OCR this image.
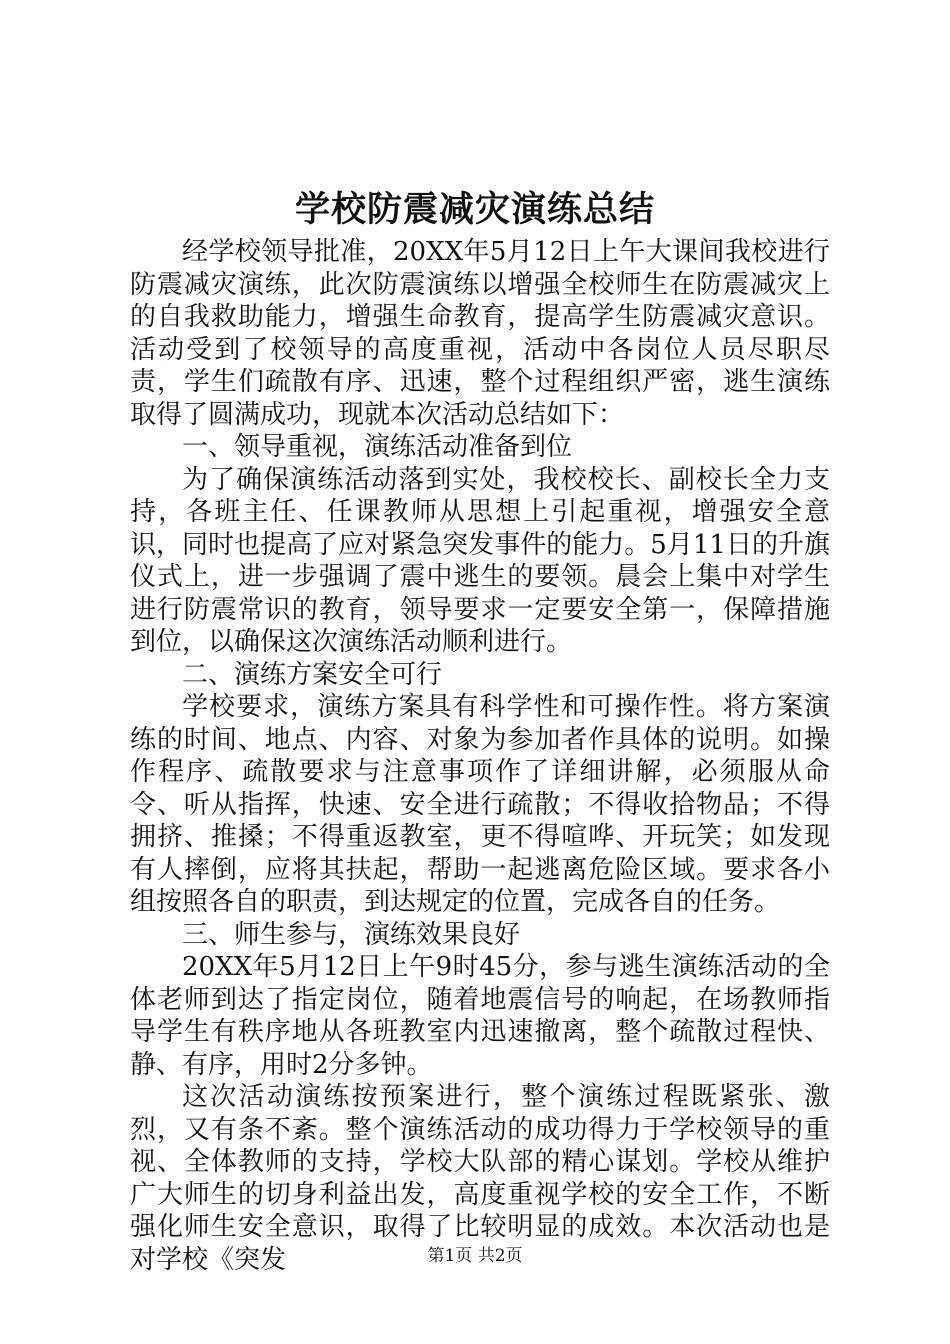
学校防震减灾演练总结

经学校领导批准，20XX年5月12日上午大课间我校进行防震减灾演练，此次防震演练以增强全校师生在防震减灾上的自我救助能力，增强生命教育，提高学生防震减灾意识。活动受到了校领导的高度重视，活动中各岗位人员尽职尽责，学生们疏散有序、迅速，整个过程组织严密，逃生演练取得了圆满成功，现就本次活动总结如下：

一、领导重视，演练活动准备到位

为了确保演练活动落到实处，我校校长、副校长全力支持，各班主任、任课教师从思想上引起重视，增强安全意识，同时也提高了应对紧急突发事件的能力。5月11日的升旗仪式上，进一步强调了震中逃生的要领。晨会上集中对学生进行防震常识的教育，领导要求一定要安全第一，保障措施到位，以确保这次演练活动顺利进行。

二、演练方案安全可行

学校要求，演练方案具有科学性和可操作性。将方案演练的时间、地点、内容、对象为参加者作具体的说明。如操作程序、疏散要求与注意事项作了详细讲解，必须服从命令、听从指挥，快速、安全进行疏散；不得收拾物品；不得拥挤、推搡；不得重返教室，更不得喧哗、开玩笑；如发现有人摔倒，应将其扶起，帮助一起逃离危险区域。要求各小组按照各自的职责，到达规定的位置，完成各自的任务。

三、师生参与，演练效果良好

20XX年5月12日上午9时45分，参与逃生演练活动的全体老师到达了指定岗位，随着地震信号的响起，在场教师指导学生有秩序地从各班教室内迅速撤离，整个疏散过程快、静、有序，用时2分多钟。

这次活动演练按预案进行，整个演练过程既紧张、激烈，又有条不紊。整个演练活动的成功得力于学校领导的重视、全体教师的支持，学校大队部的精心谋划。学校从维护广大师生的切身利益出发，高度重视学校的安全工作，不断强化师生安全意识，取得了比较明显的成效。本次活动也是对学校《突发	第1页 共2页
